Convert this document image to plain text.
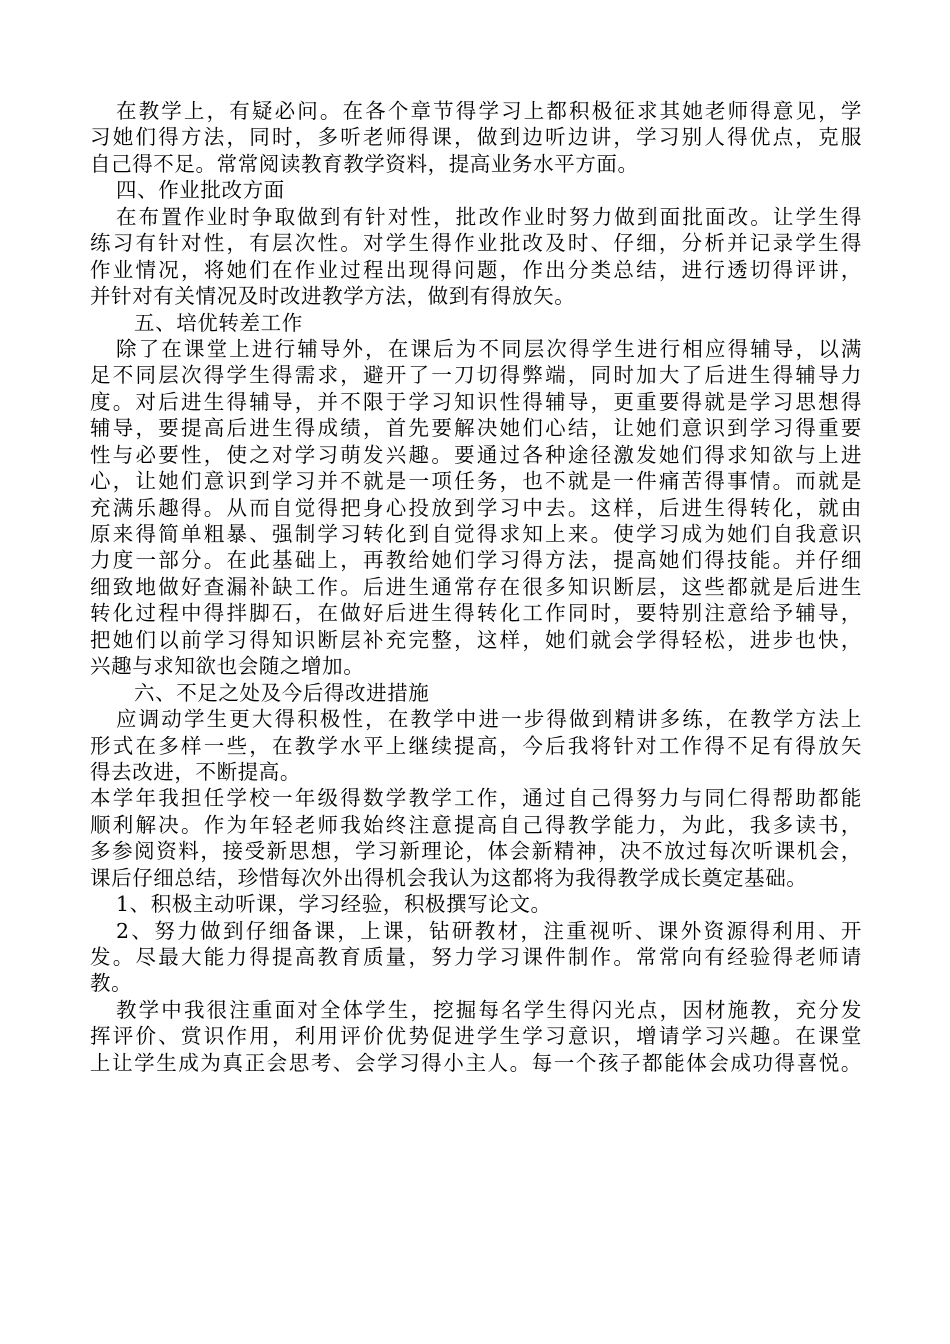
在教学上，有疑必问。在各个章节得学习上都积极征求其她老师得意见，学
习她们得方法，同时，多听老师得课，做到边听边讲，学习别人得优点，克服
自己得不足。常常阅读教育教学资料，提高业务水平方面。
四、作业批改方面
在布置作业时争取做到有针对性，批改作业时努力做到面批面改。让学生得
练习有针对性，有层次性。对学生得作业批改及时、仔细，分析并记录学生得
作业情况，将她们在作业过程出现得问题，作出分类总结，进行透切得评讲，
并针对有关情况及时改进教学方法，做到有得放矢。
五、培优转差工作
除了在课堂上进行辅导外，在课后为不同层次得学生进行相应得辅导，以满
足不同层次得学生得需求，避开了一刀切得弊端，同时加大了后进生得辅导力
度。对后进生得辅导，并不限于学习知识性得辅导，更重要得就是学习思想得
辅导，要提高后进生得成绩，首先要解决她们心结，让她们意识到学习得重要
性与必要性，使之对学习萌发兴趣。要通过各种途径激发她们得求知欲与上进
心，让她们意识到学习并不就是一项任务，也不就是一件痛苦得事情。而就是
充满乐趣得。从而自觉得把身心投放到学习中去。这样，后进生得转化，就由
原来得简单粗暴、强制学习转化到自觉得求知上来。使学习成为她们自我意识
力度一部分。在此基础上，再教给她们学习得方法，提高她们得技能。并仔细
细致地做好查漏补缺工作。后进生通常存在很多知识断层，这些都就是后进生
转化过程中得拌脚石，在做好后进生得转化工作同时，要特别注意给予辅导，
把她们以前学习得知识断层补充完整，这样，她们就会学得轻松，进步也快，
兴趣与求知欲也会随之增加。
六、不足之处及今后得改进措施
应调动学生更大得积极性，在教学中进一步得做到精讲多练，在教学方法上
形式在多样一些，在教学水平上继续提高，今后我将针对工作得不足有得放矢
得去改进，不断提高。
本学年我担任学校一年级得数学教学工作，通过自己得努力与同仁得帮助都能
顺利解决。作为年轻老师我始终注意提高自己得教学能力，为此，我多读书，
多参阅资料，接受新思想，学习新理论，体会新精神，决不放过每次听课机会，
课后仔细总结，珍惜每次外出得机会我认为这都将为我得教学成长奠定基础。
1、积极主动听课，学习经验，积极撰写论文。
2、努力做到仔细备课，上课，钻研教材，注重视听、课外资源得利用、开
发。尽最大能力得提高教育质量，努力学习课件制作。常常向有经验得老师请
教。
教学中我很注重面对全体学生，挖掘每名学生得闪光点，因材施教，充分发
挥评价、赏识作用，利用评价优势促进学生学习意识，增请学习兴趣。在课堂
上让学生成为真正会思考、会学习得小主人。每一个孩子都能体会成功得喜悦。
